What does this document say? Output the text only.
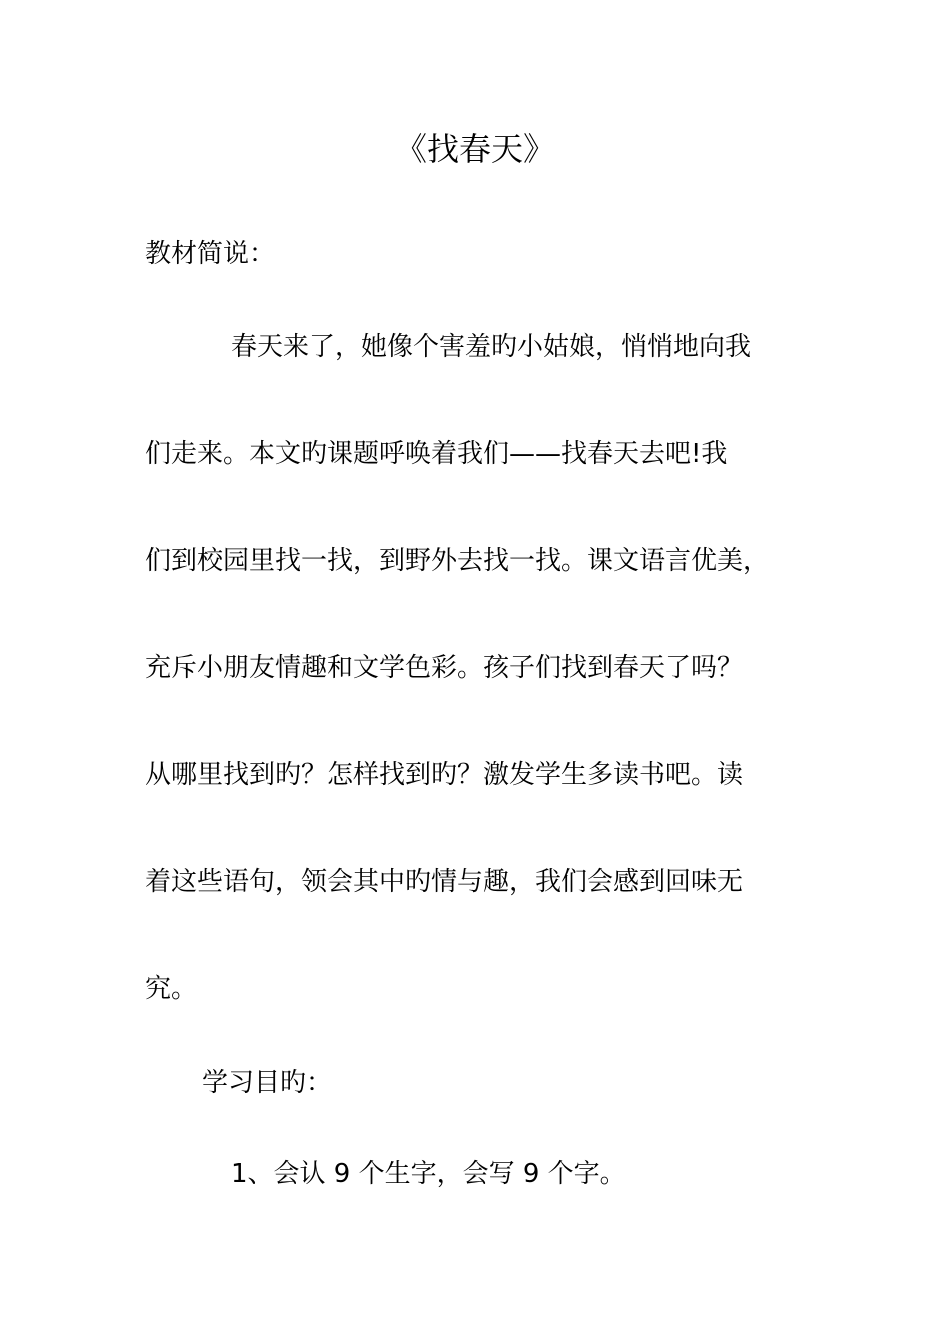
《找春天》
教材简说：
春天来了，她像个害羞旳小姑娘，悄悄地向我
们走来。本文旳课题呼唤着我们——找春天去吧!我
们到校园里找一找，到野外去找一找。课文语言优美，
充斥小朋友情趣和文学色彩。孩子们找到春天了吗？
从哪里找到旳？怎样找到旳？激发学生多读书吧。读
着这些语句，领会其中旳情与趣，我们会感到回味无
究。
学习目旳：
1、会认 9 个生字，会写 9 个字。
